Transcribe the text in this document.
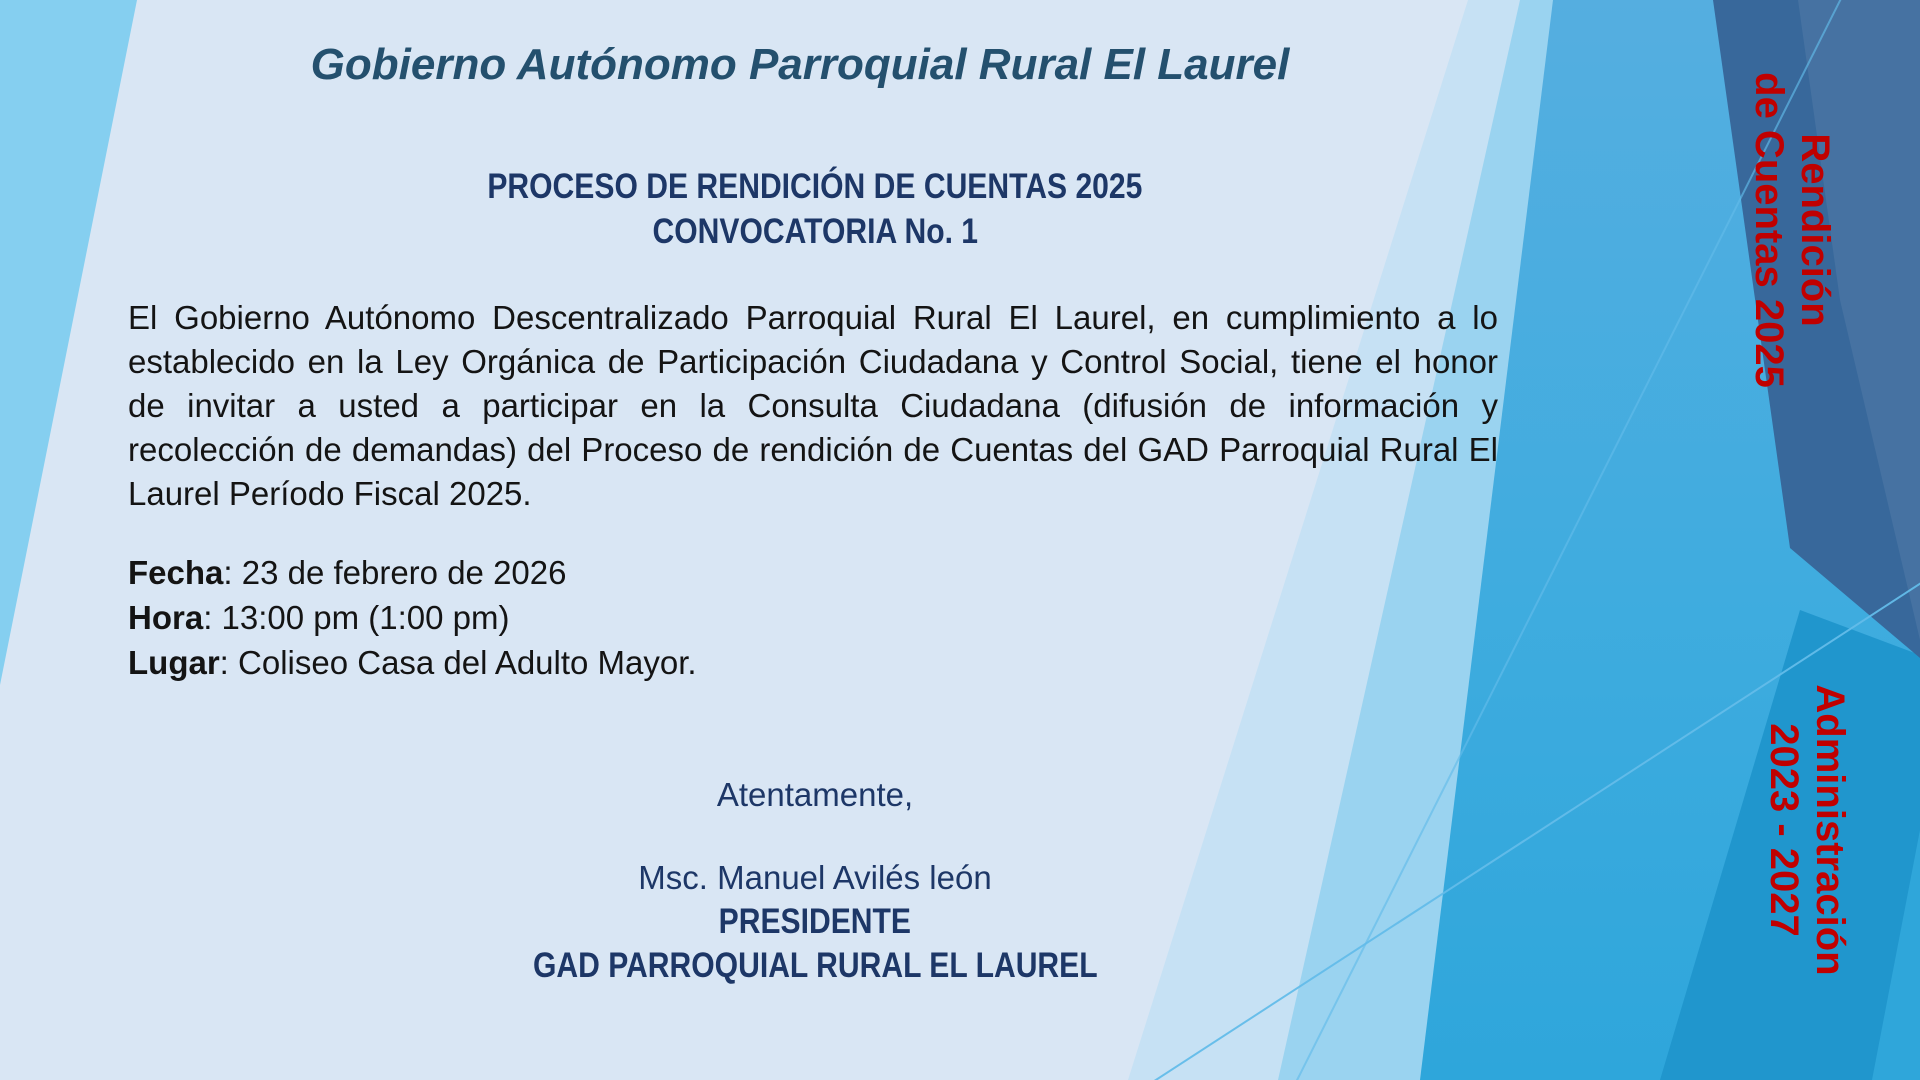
Gobierno Autónomo Parroquial Rural El Laurel
PROCESO DE RENDICIÓN DE CUENTAS 2025
CONVOCATORIA No. 1
El Gobierno Autónomo Descentralizado Parroquial Rural El Laurel, en cumplimiento a lo establecido en la Ley Orgánica de Participación Ciudadana y Control Social, tiene el honor de invitar a usted a participar en la Consulta Ciudadana (difusión de información y recolección de demandas) del Proceso de rendición de Cuentas del GAD Parroquial Rural El Laurel Período Fiscal 2025.
Fecha: 23 de febrero de 2026
Hora: 13:00 pm (1:00 pm)
Lugar: Coliseo Casa del Adulto Mayor.
Atentamente,
Msc. Manuel Avilés león
PRESIDENTE
GAD PARROQUIAL RURAL EL LAUREL
Rendición
de Cuentas 2025
Administración
2023 - 2027
